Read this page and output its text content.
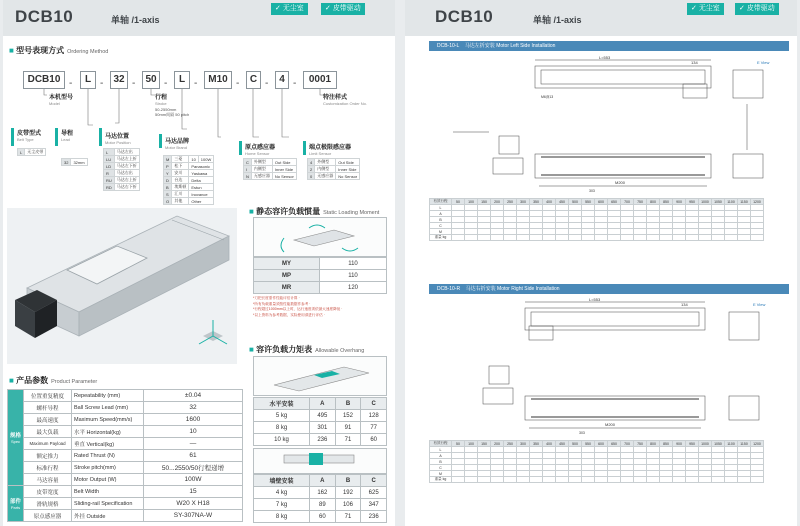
DCB10	单轴 /1-axis
✓ 无尘室	✓ 皮带驱动
■ 型号表现方式 Ordering Method
DCB10 -	L -	32 -	50 -	L -	M10 -	C -	4 -	0001
本机型号
Model
行程
Stroke
50-2550mm
50mm间隔 50 pitch
特注样式
Customization Order No.
皮带型式
Belt Type
L	无尘皮带
导程
Lead
32	32mm
马达位置
Motor Position
L	马达左出
LU	马达左上折
LD	马达左下折
R	马达右出
RU	马达右上折
RD	马达右下折
马达品牌
Motor Brand
M	三菱	10	100W
P	松下	Panasonic	
Y	安川	Yaskawa	
D	台达	Delta	
B	埃斯顿	Estun	
S	汇川	Inovance	
O	其他	Other	
原点感应器
Home Sensor
C	外侧型	Out Side
I	内侧型	Inner Side
N	无感应器	No Sensor
端点极限感应器
Limit Sensor
4	外侧型	Out Side
2	内侧型	Inner Side
0	无感应器	No Sensor
■ 静态容许负载惯量 Static Loading Moment
MY	110
MP	110
MR	120
*刀把长度需作性能评估计算 ·
*所有负载重量须按性能数据作参考 ·
*行程超过1000mm以上时，运行速度须依最大速度降低 ·
*以上资料为参考数据，实际使用请进行评估 ·
■ 容许负载力矩表 Allowable Overhang
水平安装	A	B	C
5 kg	495	152	128
8 kg	301	91	77
10 kg	236	71	60
墙壁安装	A	B	C
4 kg	162	192	625
7 kg	89	106	347
8 kg	60	71	236
■ 产品参数 Product Parameter
规格
Spec	位置重复精度	Repeatability (mm)	±0.04
	螺杆导程	Ball Screw Lead (mm)	32
	最高速度	Maximum Speed(mm/s)	1600
	最大负载	水平 Horizontal(kg)	10
	Maximum Payload	垂直 Vertical(kg)	—
	额定推力	Rated Thrust (N)	61
	标准行程	Stroke pitch(mm)	50...2550/50行程递增
	马达容量	Motor Output (W)	100W
部件
Parts	皮带宽度	Belt Width	15
	滑轨规格	Sliding-rail Specification	W20 X H18
	原点感应器	外挂 Outside	SY-307NA-W
DCB10	单轴 /1-axis
✓ 无尘室	✓ 皮带驱动
DCB-10-L 马达左折安装 Motor Left Side Installation
L=553
134
M200
M6深13
303
E View
有效行程	50	100	150	200	250	300	350	400	450	500	550	600	650	700	750	800	850	900	950	1000	1050	1100	1150	1200
L																								
A																								
B																								
C																								
M																								
重量 kg																								
DCB-10-R 马达右折安装 Motor Right Side Installation
L=553
134
M200
303
E View
有效行程	50	100	150	200	250	300	350	400	450	500	550	600	650	700	750	800	850	900	950	1000	1050	1100	1150	1200
L																								
A																								
B																								
C																								
M																								
重量 kg																								
